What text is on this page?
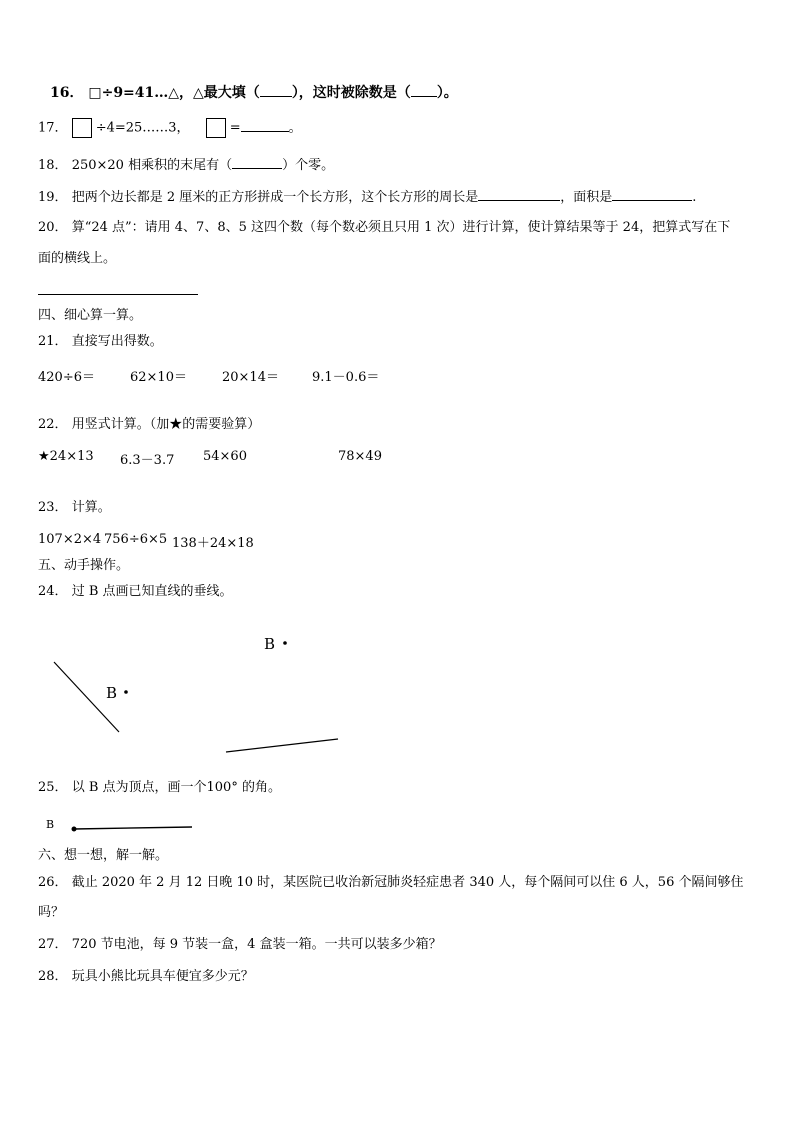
16． □÷9=41…△，△最大填（ ），这时被除数是（ ）。
17． ÷4=25……3，	=	。
18． 250×20 相乘积的末尾有（	）个零。
19． 把两个边长都是 2 厘米的正方形拼成一个长方形，这个长方形的周长是	，面积是	.
20． 算“24 点”：请用 4、7、8、5 这四个数（每个数必须且只用 1 次）进行计算，使计算结果等于 24，把算式写在下
面的横线上。
四、细心算一算。
21． 直接写出得数。
420÷6＝	62×10＝	20×14＝	9.1－0.6＝
22． 用竖式计算。（加★的需要验算）
★24×13 6.3－3.7 54×60	78×49
23． 计算。
107×2×4 756÷6×5 138＋24×18
五、动手操作。
24． 过 B 点画已知直线的垂线。
B
B
25． 以 B 点为顶点，画一个100° 的角。
B
六、想一想，解一解。
26． 截止 2020 年 2 月 12 日晚 10 时，某医院已收治新冠肺炎轻症患者 340 人，每个隔间可以住 6 人，56 个隔间够住
吗？
27． 720 节电池，每 9 节装一盒，4 盒装一箱。一共可以装多少箱？
28． 玩具小熊比玩具车便宜多少元？
